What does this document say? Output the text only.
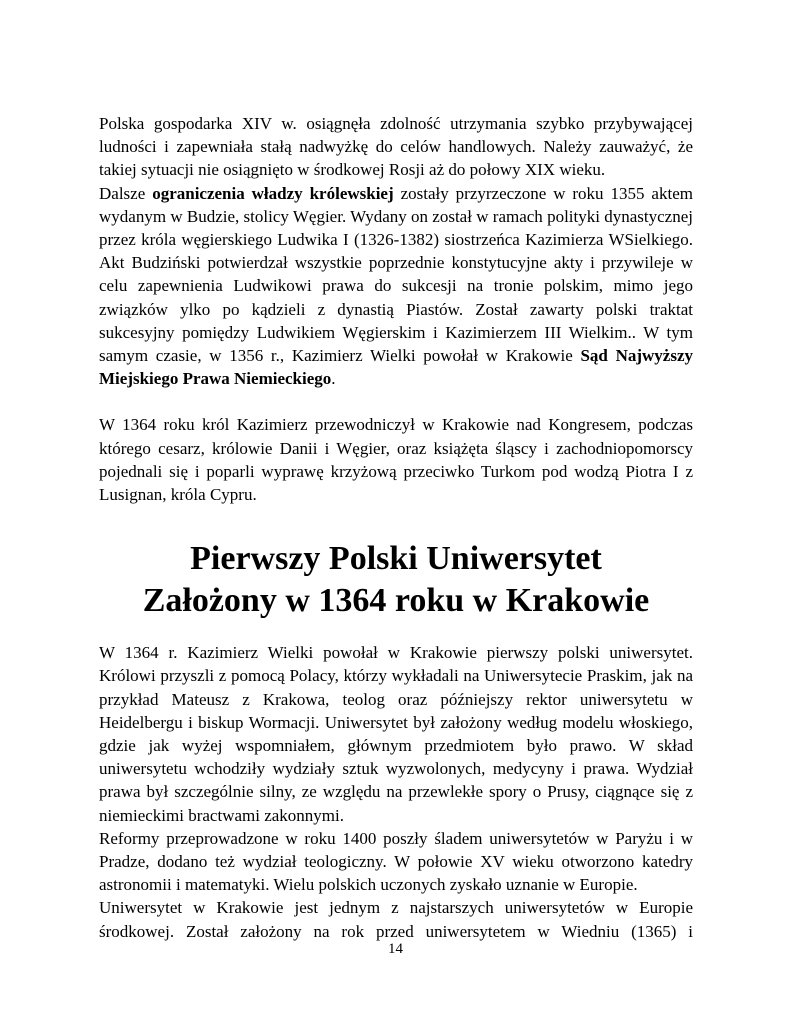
Polska gospodarka XIV w. osiągnęła zdolność utrzymania szybko przybywającej ludności i zapewniała stałą nadwyżkę do celów handlowych. Należy zauważyć, że takiej sytuacji nie osiągnięto w środkowej Rosji aż do połowy XIX wieku.

Dalsze ograniczenia władzy królewskiej zostały przyrzeczone w roku 1355 aktem wydanym w Budzie, stolicy Węgier. Wydany on został w ramach polityki dynastycznej przez króla węgierskiego Ludwika I (1326-1382) siostrzeńca Kazimierza WSielkiego. Akt Budziński potwierdzał wszystkie poprzednie konstytucyjne akty i przywileje w celu zapewnienia Ludwikowi prawa do sukcesji na tronie polskim, mimo jego związków ylko po kądzieli z dynastią Piastów. Został zawarty polski traktat sukcesyjny pomiędzy Ludwikiem Węgierskim i Kazimierzem III Wielkim.. W tym samym czasie, w 1356 r., Kazimierz Wielki powołał w Krakowie Sąd Najwyższy Miejskiego Prawa Niemieckiego.

W 1364 roku król Kazimierz przewodniczył w Krakowie nad Kongresem, podczas którego cesarz, królowie Danii i Węgier, oraz książęta śląscy i zachodniopomorscy pojednali się i poparli wyprawę krzyżową przeciwko Turkom pod wodzą Piotra I z Lusignan, króla Cypru.

Pierwszy Polski Uniwersytet
Założony w 1364 roku w Krakowie

W 1364 r. Kazimierz Wielki powołał w Krakowie pierwszy polski uniwersytet. Królowi przyszli z pomocą Polacy, którzy wykładali na Uniwersytecie Praskim, jak na przykład Mateusz z Krakowa, teolog oraz późniejszy rektor uniwersytetu w Heidelbergu i biskup Wormacji. Uniwersytet był założony według modelu włoskiego, gdzie jak wyżej wspomniałem, głównym przedmiotem było prawo. W skład uniwersytetu wchodziły wydziały sztuk wyzwolonych, medycyny i prawa. Wydział prawa był szczególnie silny, ze względu na przewlekłe spory o Prusy, ciągnące się z niemieckimi bractwami zakonnymi.

Reformy przeprowadzone w roku 1400 poszły śladem uniwersytetów w Paryżu i w Pradze, dodano też wydział teologiczny. W połowie XV wieku otworzono katedry astronomii i matematyki. Wielu polskich uczonych zyskało uznanie w Europie.

Uniwersytet w Krakowie jest jednym z najstarszych uniwersytetów w Europie środkowej. Został założony na rok przed uniwersytetem w Wiedniu (1365) i

14
